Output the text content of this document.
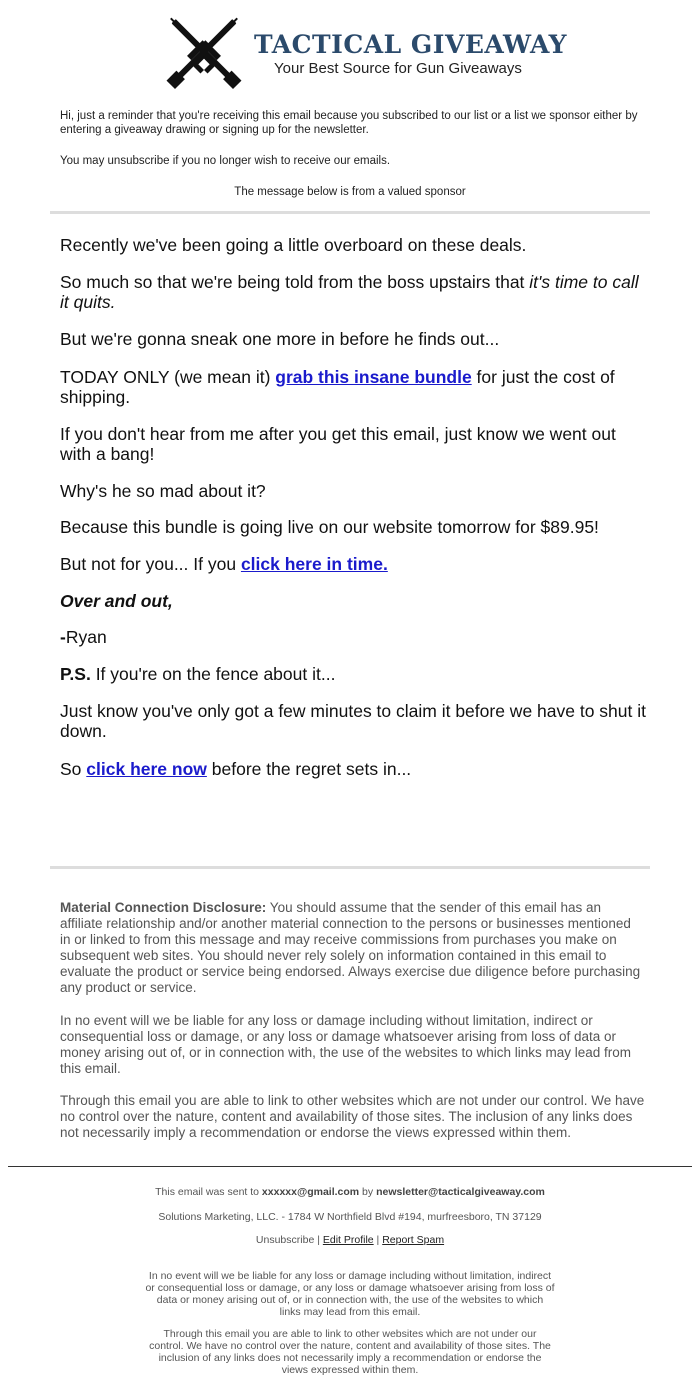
TACTICAL GIVEAWAY
Your Best Source for Gun Giveaways
Hi, just a reminder that you're receiving this email because you subscribed to our list or a list we sponsor either by entering a giveaway drawing or signing up for the newsletter.
You may unsubscribe if you no longer wish to receive our emails.
The message below is from a valued sponsor
Recently we've been going a little overboard on these deals.
So much so that we're being told from the boss upstairs that it's time to call it quits.
But we're gonna sneak one more in before he finds out...
TODAY ONLY (we mean it) grab this insane bundle for just the cost of shipping.
If you don't hear from me after you get this email, just know we went out with a bang!
Why's he so mad about it?
Because this bundle is going live on our website tomorrow for $89.95!
But not for you... If you click here in time.
Over and out,
-Ryan
P.S. If you're on the fence about it...
Just know you've only got a few minutes to claim it before we have to shut it down.
So click here now before the regret sets in...
Material Connection Disclosure: You should assume that the sender of this email has an affiliate relationship and/or another material connection to the persons or businesses mentioned in or linked to from this message and may receive commissions from purchases you make on subsequent web sites. You should never rely solely on information contained in this email to evaluate the product or service being endorsed. Always exercise due diligence before purchasing any product or service.
In no event will we be liable for any loss or damage including without limitation, indirect or consequential loss or damage, or any loss or damage whatsoever arising from loss of data or money arising out of, or in connection with, the use of the websites to which links may lead from this email.
Through this email you are able to link to other websites which are not under our control. We have no control over the nature, content and availability of those sites. The inclusion of any links does not necessarily imply a recommendation or endorse the views expressed within them.
This email was sent to xxxxxx@gmail.com by newsletter@tacticalgiveaway.com
Solutions Marketing, LLC. - 1784 W Northfield Blvd #194, murfreesboro, TN 37129
Unsubscribe | Edit Profile | Report Spam
In no event will we be liable for any loss or damage including without limitation, indirect or consequential loss or damage, or any loss or damage whatsoever arising from loss of data or money arising out of, or in connection with, the use of the websites to which links may lead from this email.
Through this email you are able to link to other websites which are not under our control. We have no control over the nature, content and availability of those sites. The inclusion of any links does not necessarily imply a recommendation or endorse the views expressed within them.
